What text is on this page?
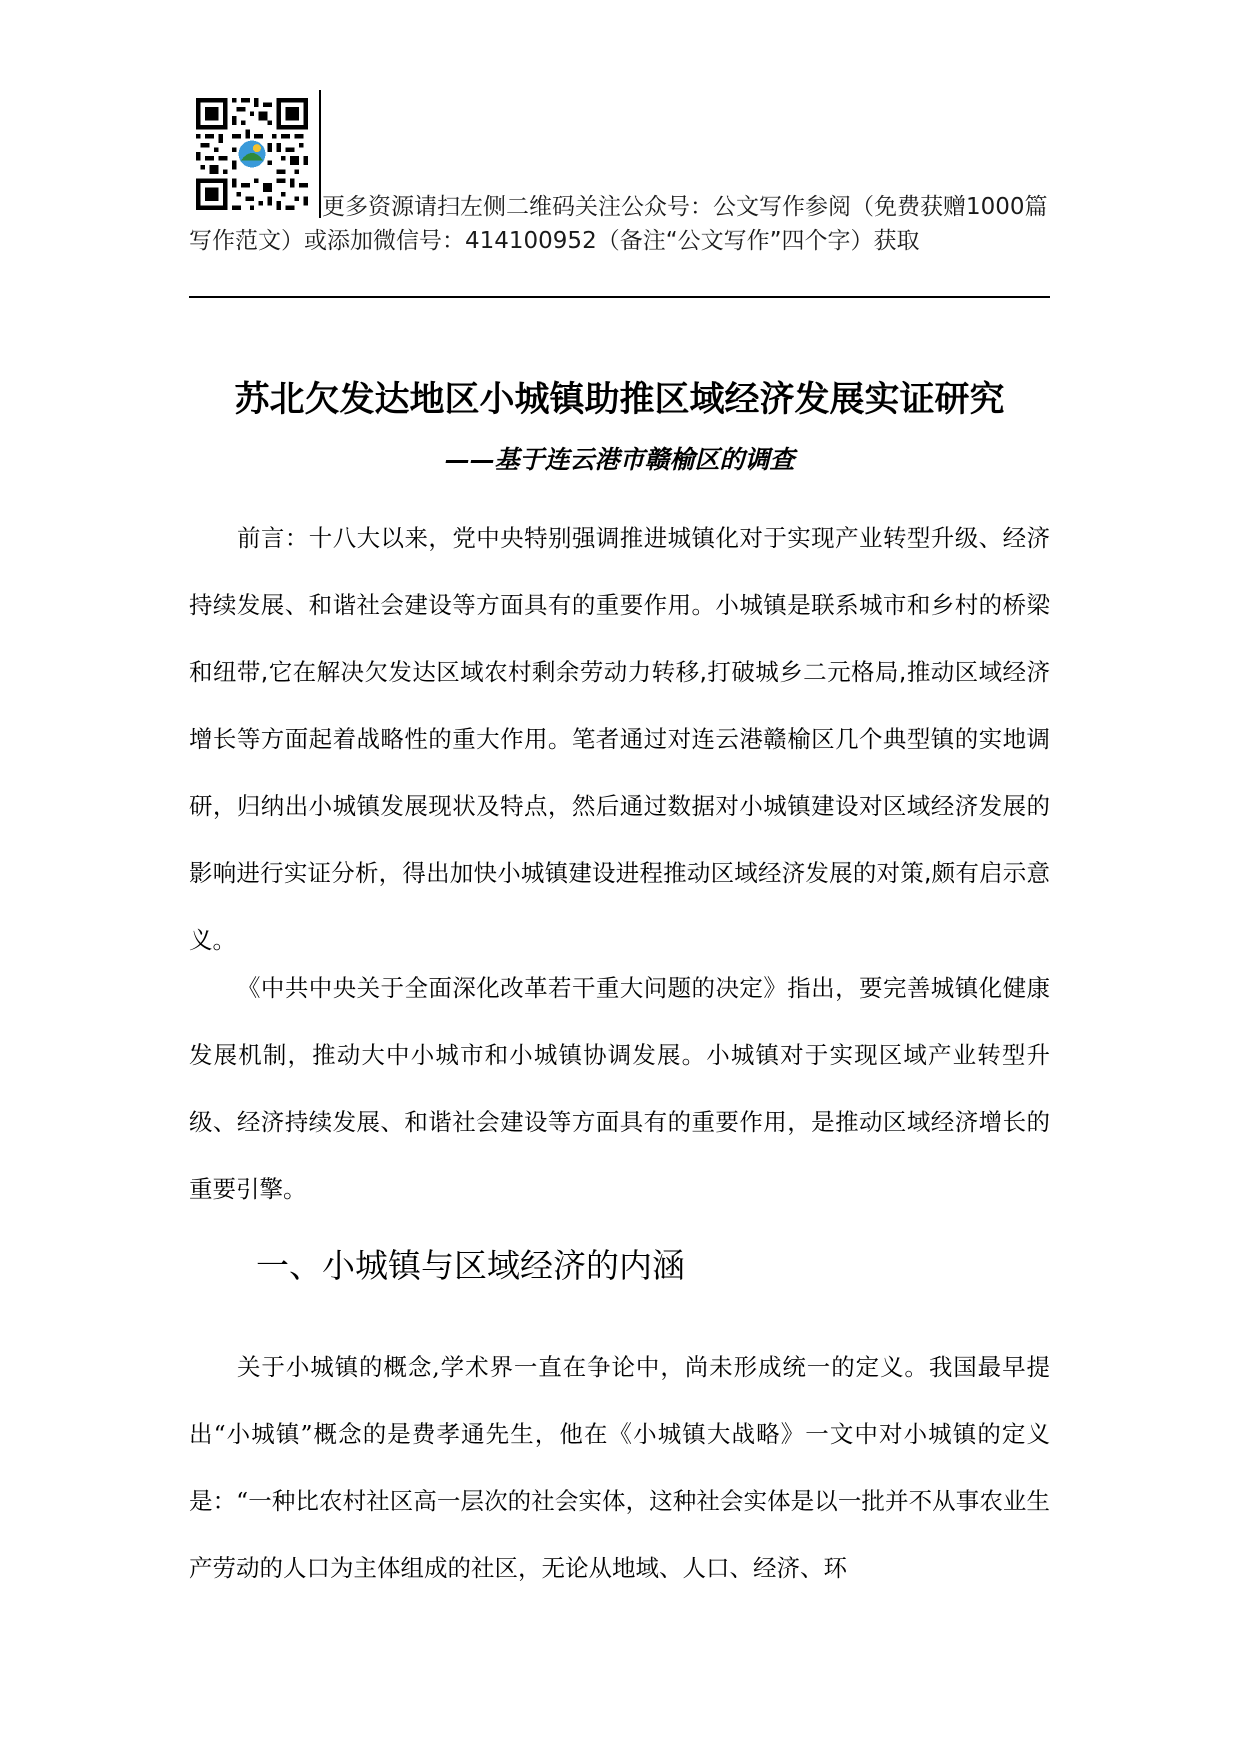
更多资源请扫左侧二维码关注公众号：公文写作参阅（免费获赠1000篇写作范文）或添加微信号：414100952（备注“公文写作”四个字）获取
苏北欠发达地区小城镇助推区域经济发展实证研究
——基于连云港市赣榆区的调查
前言：十八大以来，党中央特别强调推进城镇化对于实现产业转型升级、经济持续发展、和谐社会建设等方面具有的重要作用。小城镇是联系城市和乡村的桥梁和纽带,它在解决欠发达区域农村剩余劳动力转移,打破城乡二元格局,推动区域经济增长等方面起着战略性的重大作用。笔者通过对连云港赣榆区几个典型镇的实地调研，归纳出小城镇发展现状及特点，然后通过数据对小城镇建设对区域经济发展的影响进行实证分析，得出加快小城镇建设进程推动区域经济发展的对策,颇有启示意义。
《中共中央关于全面深化改革若干重大问题的决定》指出，要完善城镇化健康发展机制，推动大中小城市和小城镇协调发展。小城镇对于实现区域产业转型升级、经济持续发展、和谐社会建设等方面具有的重要作用，是推动区域经济增长的重要引擎。
一、小城镇与区域经济的内涵
关于小城镇的概念,学术界一直在争论中，尚未形成统一的定义。我国最早提出“小城镇”概念的是费孝通先生，他在《小城镇大战略》一文中对小城镇的定义是：“一种比农村社区高一层次的社会实体，这种社会实体是以一批并不从事农业生产劳动的人口为主体组成的社区，无论从地域、人口、经济、环
